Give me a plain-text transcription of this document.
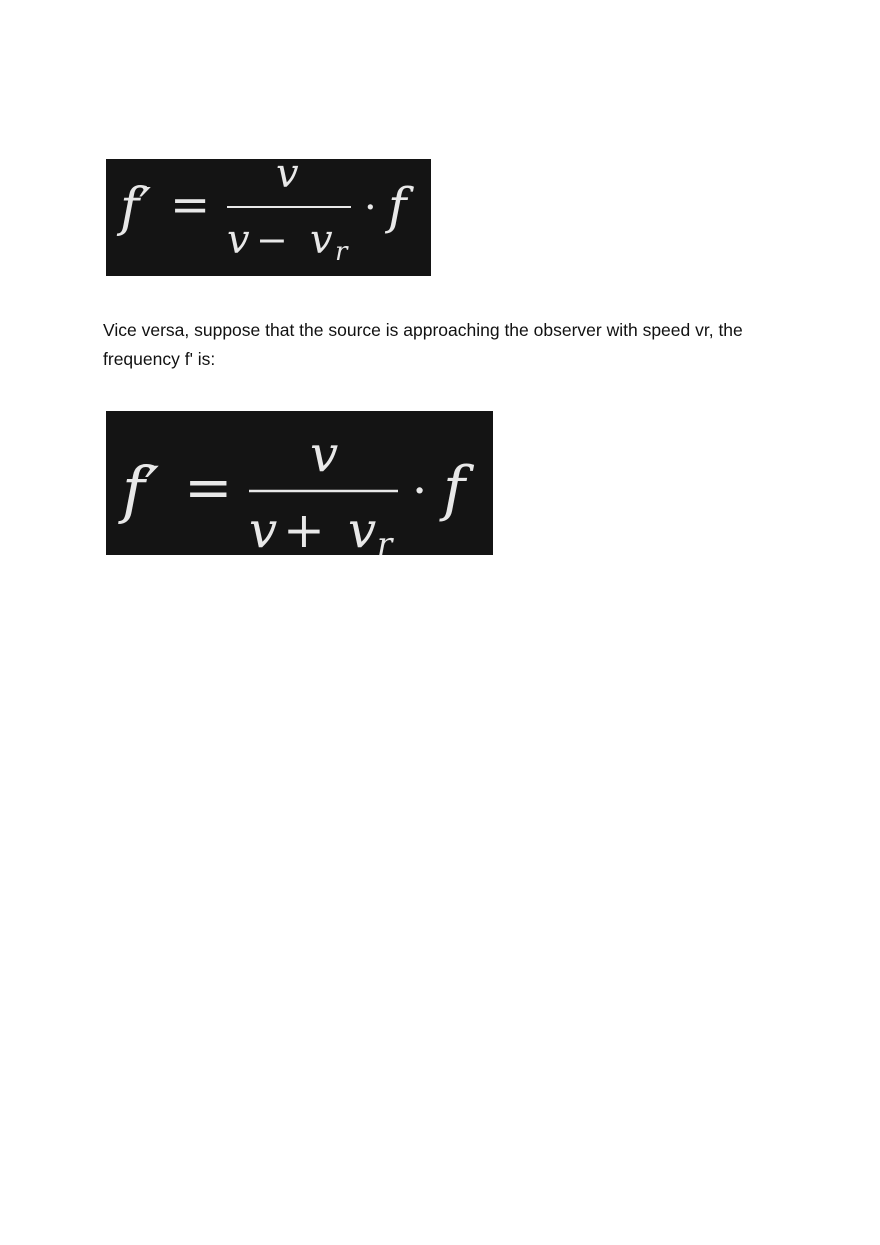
f′ =
v
v − v r
· f

Vice versa, suppose that the source is approaching the observer with speed vr, the frequency f' is:

f′ = v
v + v r
· f
